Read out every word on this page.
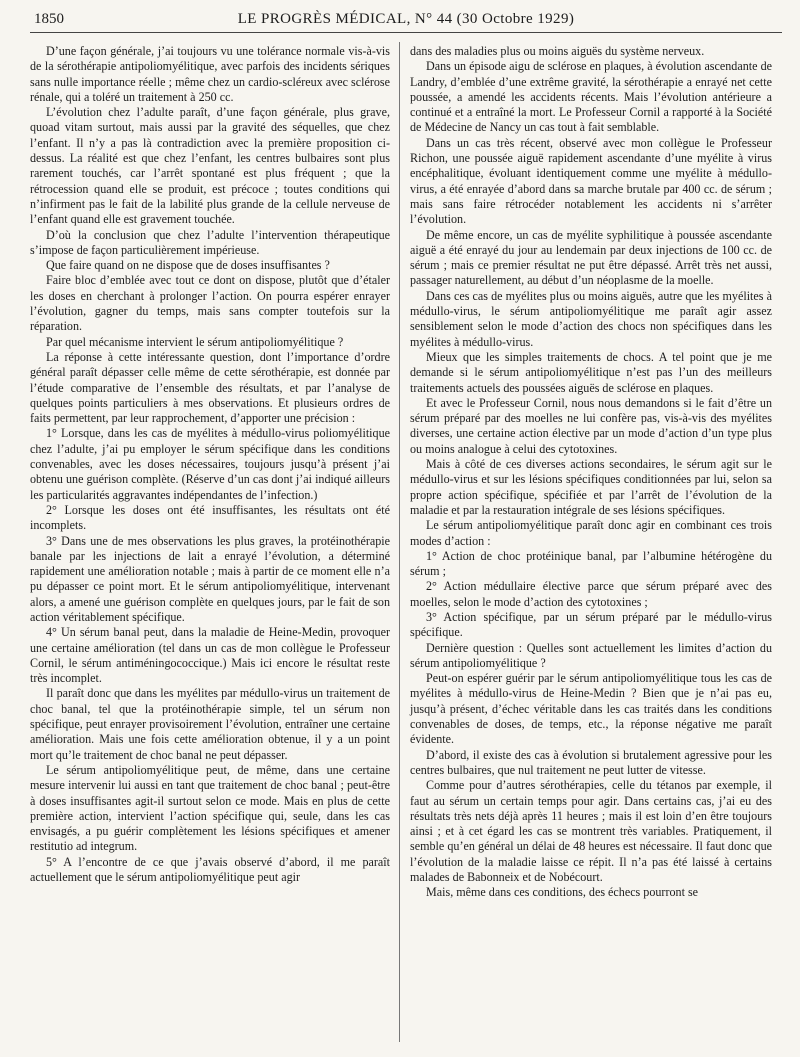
1850	LE PROGRÈS MÉDICAL, N° 44 (30 Octobre 1929)

D’une façon générale, j’ai toujours vu une tolérance normale vis-à-vis de la sérothérapie antipoliomyélitique, avec parfois des incidents sériques sans nulle importance réelle ; même chez un cardio-scléreux avec sclérose rénale, qui a toléré un traitement à 250 cc.

L’évolution chez l’adulte paraît, d’une façon générale, plus grave, quoad vitam surtout, mais aussi par la gravité des séquelles, que chez l’enfant. Il n’y a pas là contradiction avec la première proposition ci-dessus. La réalité est que chez l’enfant, les centres bulbaires sont plus rarement touchés, car l’arrêt spontané est plus fréquent ; que la rétrocession quand elle se produit, est précoce ; toutes conditions qui n’infirment pas le fait de la labilité plus grande de la cellule nerveuse de l’enfant quand elle est gravement touchée.

D’où la conclusion que chez l’adulte l’intervention thérapeutique s’impose de façon particulièrement impérieuse.

Que faire quand on ne dispose que de doses insuffisantes ?

Faire bloc d’emblée avec tout ce dont on dispose, plutôt que d’étaler les doses en cherchant à prolonger l’action. On pourra espérer enrayer l’évolution, gagner du temps, mais sans compter toutefois sur la réparation.

Par quel mécanisme intervient le sérum antipoliomyélitique ?

La réponse à cette intéressante question, dont l’importance d’ordre général paraît dépasser celle même de cette sérothérapie, est donnée par l’étude comparative de l’ensemble des résultats, et par l’analyse de quelques points particuliers à mes observations. Et plusieurs ordres de faits permettent, par leur rapprochement, d’apporter une précision :

1° Lorsque, dans les cas de myélites à médullo-virus poliomyélitique chez l’adulte, j’ai pu employer le sérum spécifique dans les conditions convenables, avec les doses nécessaires, toujours jusqu’à présent j’ai obtenu une guérison complète. (Réserve d’un cas dont j’ai indiqué ailleurs les particularités aggravantes indépendantes de l’infection.)

2° Lorsque les doses ont été insuffisantes, les résultats ont été incomplets.

3° Dans une de mes observations les plus graves, la protéinothérapie banale par les injections de lait a enrayé l’évolution, a déterminé rapidement une amélioration notable ; mais à partir de ce moment elle n’a pu dépasser ce point mort. Et le sérum antipoliomyélitique, intervenant alors, a amené une guérison complète en quelques jours, par le fait de son action véritablement spécifique.

4° Un sérum banal peut, dans la maladie de Heine-Medin, provoquer une certaine amélioration (tel dans un cas de mon collègue le Professeur Cornil, le sérum antiméningococcique.) Mais ici encore le résultat reste très incomplet.

Il paraît donc que dans les myélites par médullo-virus un traitement de choc banal, tel que la protéinothérapie simple, tel un sérum non spécifique, peut enrayer provisoirement l’évolution, entraîner une certaine amélioration. Mais une fois cette amélioration obtenue, il y a un point mort qu’le traitement de choc banal ne peut dépasser.

Le sérum antipoliomyélitique peut, de même, dans une certaine mesure intervenir lui aussi en tant que traitement de choc banal ; peut-être à doses insuffisantes agit-il surtout selon ce mode. Mais en plus de cette première action, intervient l’action spécifique qui, seule, dans les cas envisagés, a pu guérir complètement les lésions spécifiques et amener restitutio ad integrum.

5° A l’encontre de ce que j’avais observé d’abord, il me paraît actuellement que le sérum antipoliomyélitique peut agir

dans des maladies plus ou moins aiguës du système nerveux.

Dans un épisode aigu de sclérose en plaques, à évolution ascendante de Landry, d’emblée d’une extrême gravité, la sérothérapie a enrayé net cette poussée, a amendé les accidents récents. Mais l’évolution antérieure a continué et a entraîné la mort. Le Professeur Cornil a rapporté à la Société de Médecine de Nancy un cas tout à fait semblable.

Dans un cas très récent, observé avec mon collègue le Professeur Richon, une poussée aiguë rapidement ascendante d’une myélite à virus encéphalitique, évoluant identiquement comme une myélite à médullo-virus, a été enrayée d’abord dans sa marche brutale par 400 cc. de sérum ; mais sans faire rétrocéder notablement les accidents ni s’arrêter l’évolution.

De même encore, un cas de myélite syphilitique à poussée ascendante aiguë a été enrayé du jour au lendemain par deux injections de 100 cc. de sérum ; mais ce premier résultat ne put être dépassé. Arrêt très net aussi, passager naturellement, au début d’un néoplasme de la moelle.

Dans ces cas de myélites plus ou moins aiguës, autre que les myélites à médullo-virus, le sérum antipoliomyélitique me paraît agir assez sensiblement selon le mode d’action des chocs non spécifiques dans les myélites à médullo-virus.

Mieux que les simples traitements de chocs. A tel point que je me demande si le sérum antipoliomyélitique n’est pas l’un des meilleurs traitements actuels des poussées aiguës de sclérose en plaques.

Et avec le Professeur Cornil, nous nous demandons si le fait d’être un sérum préparé par des moelles ne lui confère pas, vis-à-vis des myélites diverses, une certaine action élective par un mode d’action d’un type plus ou moins analogue à celui des cytotoxines.

Mais à côté de ces diverses actions secondaires, le sérum agit sur le médullo-virus et sur les lésions spécifiques conditionnées par lui, selon sa propre action spécifique, spécifiée et par l’arrêt de l’évolution de la maladie et par la restauration intégrale de ses lésions spécifiques.

Le sérum antipoliomyélitique paraît donc agir en combinant ces trois modes d’action :

1° Action de choc protéinique banal, par l’albumine hétérogène du sérum ;

2° Action médullaire élective parce que sérum préparé avec des moelles, selon le mode d’action des cytotoxines ;

3° Action spécifique, par un sérum préparé par le médullo-virus spécifique.

Dernière question : Quelles sont actuellement les limites d’action du sérum antipoliomyélitique ?

Peut-on espérer guérir par le sérum antipoliomyélitique tous les cas de myélites à médullo-virus de Heine-Medin ? Bien que je n’ai pas eu, jusqu’à présent, d’échec véritable dans les cas traités dans les conditions convenables de doses, de temps, etc., la réponse négative me paraît évidente.

D’abord, il existe des cas à évolution si brutalement agressive pour les centres bulbaires, que nul traitement ne peut lutter de vitesse.

Comme pour d’autres sérothérapies, celle du tétanos par exemple, il faut au sérum un certain temps pour agir. Dans certains cas, j’ai eu des résultats très nets déjà après 11 heures ; mais il est loin d’en être toujours ainsi ; et à cet égard les cas se montrent très variables. Pratiquement, il semble qu’en général un délai de 48 heures est nécessaire. Il faut donc que l’évolution de la maladie laisse ce répit. Il n’a pas été laissé à certains malades de Babonneix et de Nobécourt.

Mais, même dans ces conditions, des échecs pourront se
